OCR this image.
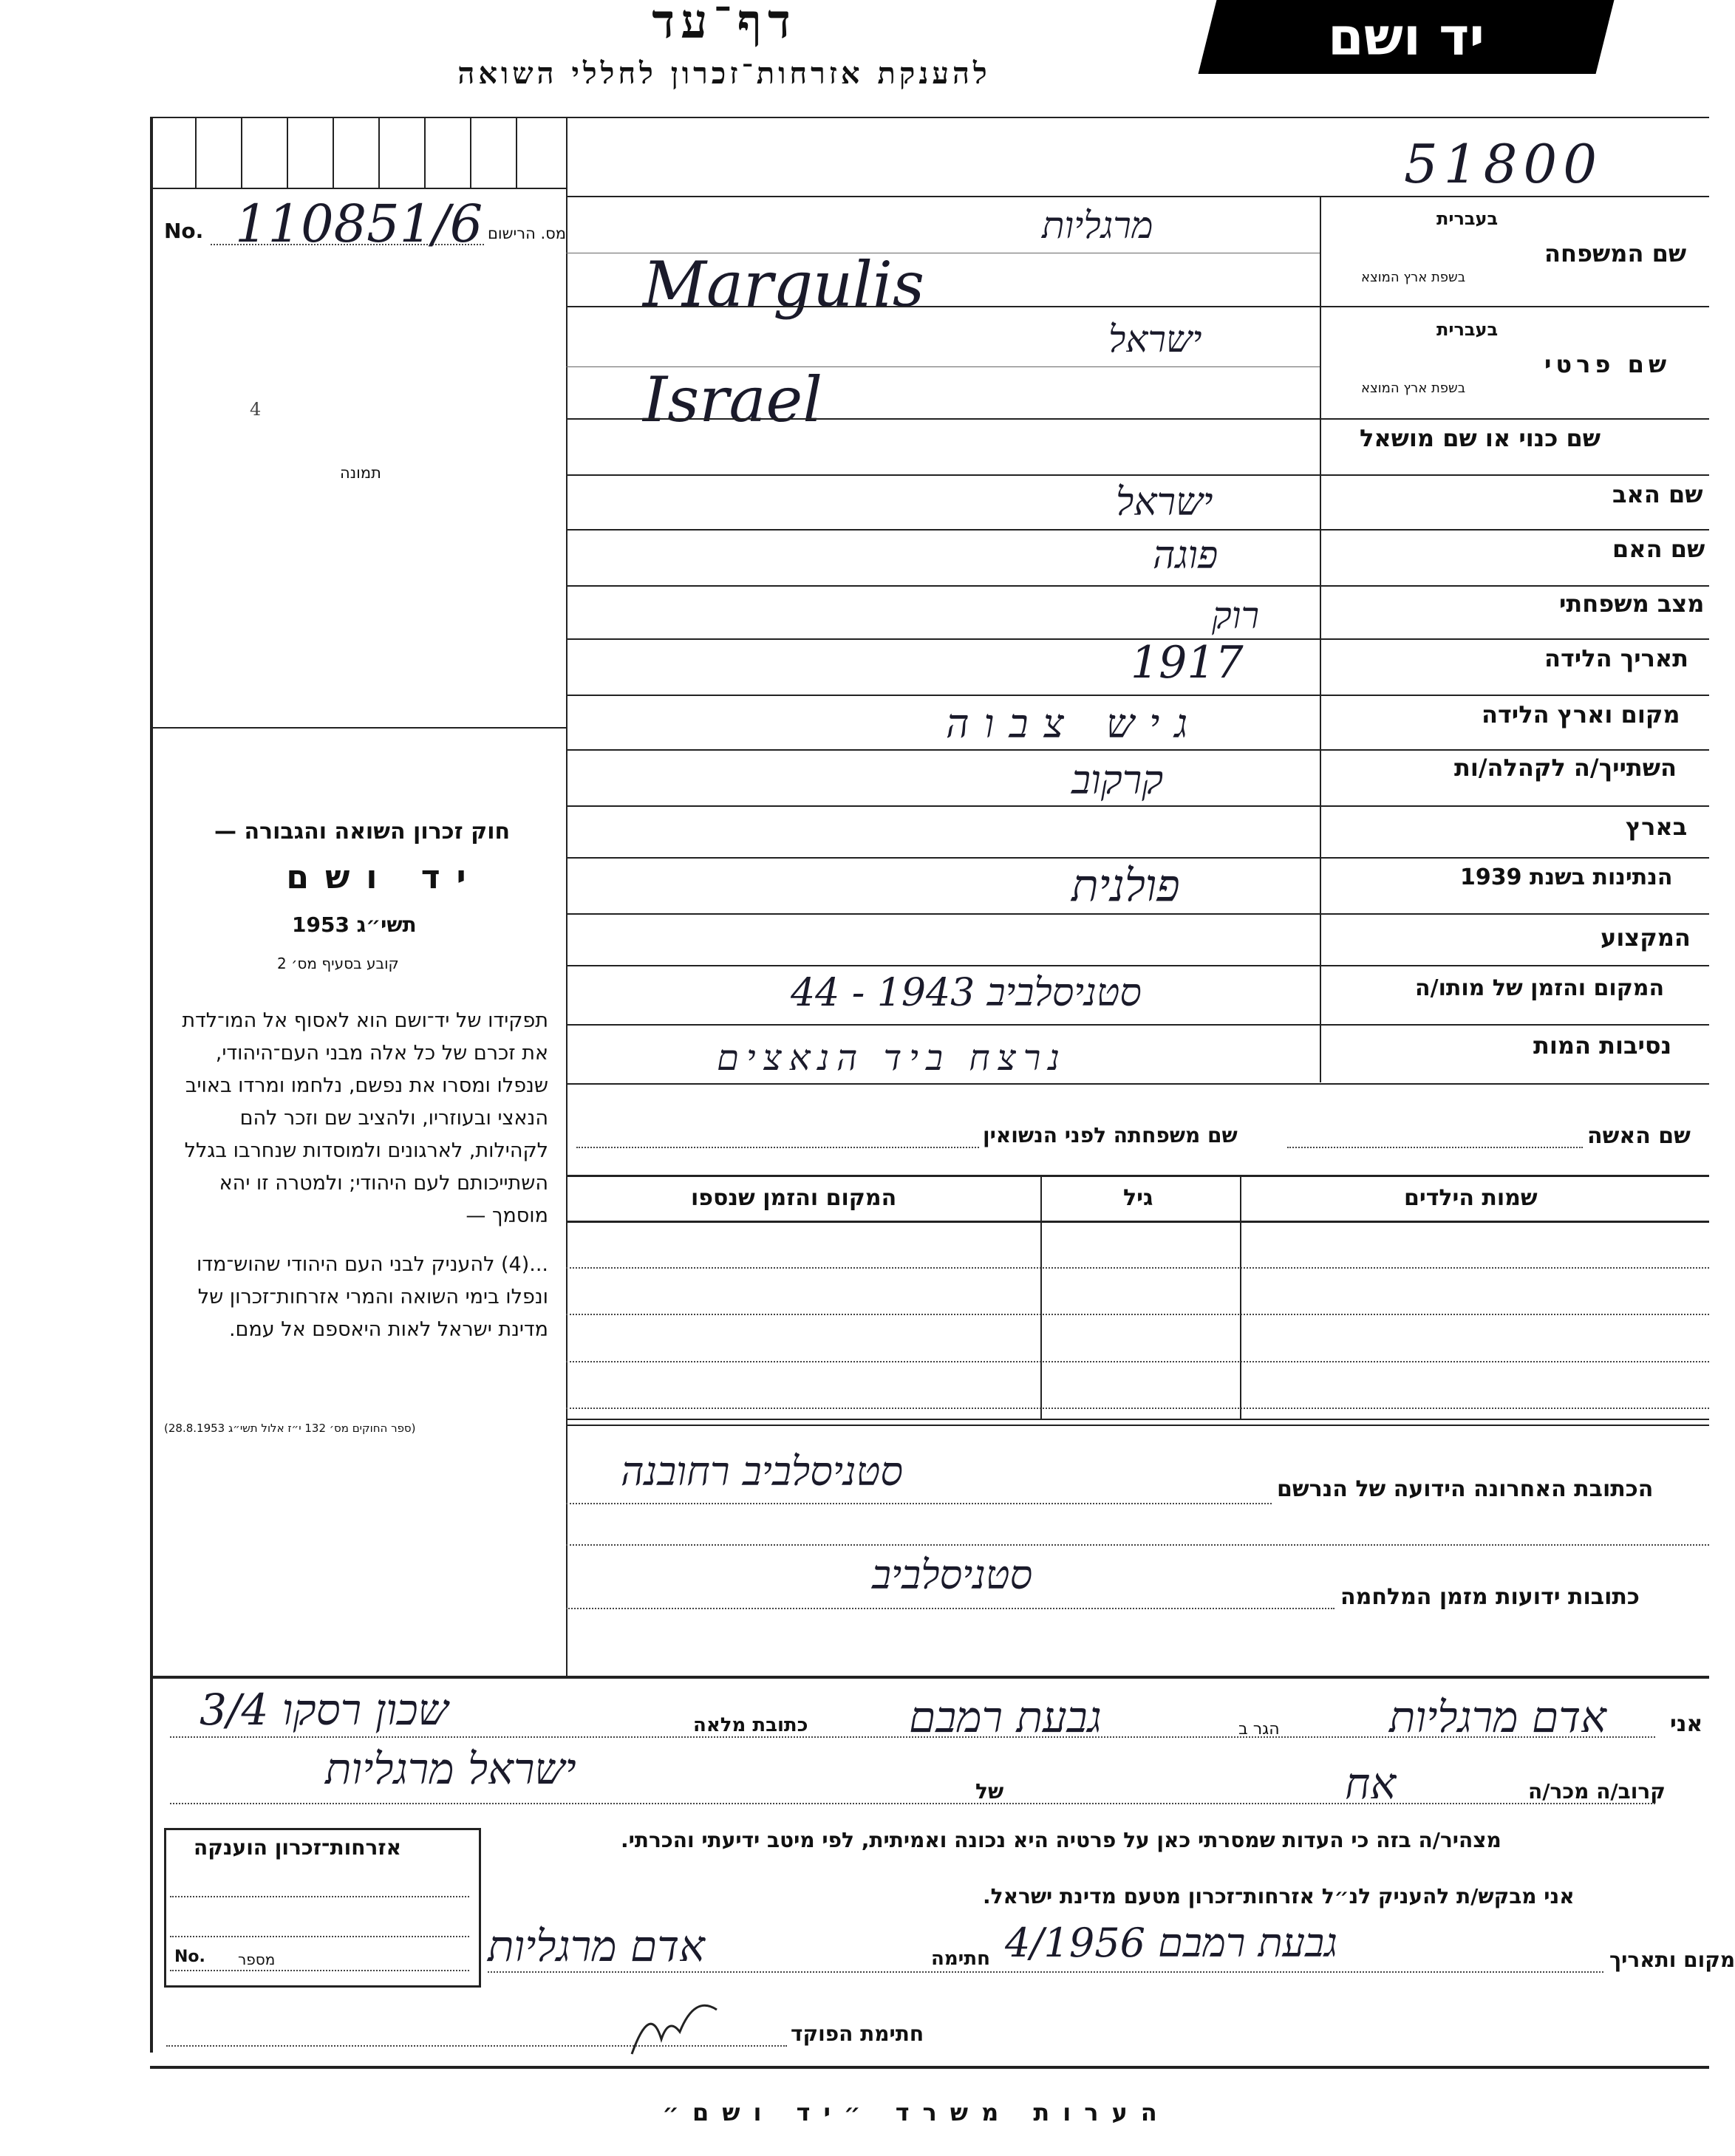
דף־עד
להענקת אזרחות־זכרון לחללי השואה
יד ושם
51800
No. 110851/6 מס. הרישום
4
תמונה
חוק זכרון השואה והגבורה —
יד ושם
תשי״ג 1953
קובע בסעיף מס׳ 2
תפקידו של יד־ושם הוא לאסוף אל המו־לדת את זכרם של כל אלה מבני העם־היהודי, שנפלו ומסרו את נפשם, נלחמו ומרדו באויב הנאצי ובעוזריו, ולהציב שם וזכר להם לקהילות, לארגונים ולמוסדות שנחרבו בגלל השתייכותם לעם היהודי; ולמטרה זו יהא מוסמך —
...(4) להעניק לבני העם היהודי שהוש־מדו ונפלו בימי השואה והמרי אזרחות־זכרון של מדינת ישראל לאות היאספם אל עמם.
(ספר החוקים מס׳ 132 י״ז אלול תשי״ג 28.8.1953)
בעברית
שם המשפחה
בשפת ארץ המוצא
מרגליות
Margulis
בעברית
שם פרטי
בשפת ארץ המוצא
ישראל
Israel
שם כנוי או שם מושאל
שם האב
ישראל
שם האם
פוגה
מצב משפחתי
רוק
תאריך הלידה
1917
מקום וארץ הלידה
גיש צבוה
השתייך/ה לקהלה/ות
קרקוב
בארץ
הנתינות בשנת 1939
פולנית
המקצוע
המקום והזמן של מותו/ה
סטניסלביב 1943 - 44
נסיבות המות
נרצח ביד הנאצים
שם האשה
שם משפחתה לפני הנשואין
שמות הילדים
גיל
המקום והזמן שנספו
סטניסלביב רחובנה	הכתובת האחרונה הידועה של הנרשם
סטניסלביב	כתובות ידועות מזמן המלחמה
אני
אדם מרגליות
הגר ב
גבעת רמבם
כתובת מלאה
שכון רסקו 3/4
קרוב/ה מכר/ה
אח
של
ישראל מרגליות
מצהיר/ה בזה כי העדות שמסרתי כאן על פרטיה היא נכונה ואמיתית, לפי מיטב ידיעתי והכרתי.
אני מבקש/ת להעניק לנ״ל אזרחות־זכרון מטעם מדינת ישראל.
מקום ותאריך
גבעת רמבם 4/1956
חתימה
אדם מרגליות
חתימת הפוקד
אזרחות־זכרון הוענקה
No. מספר
הערות משרד ״יד ושם״
